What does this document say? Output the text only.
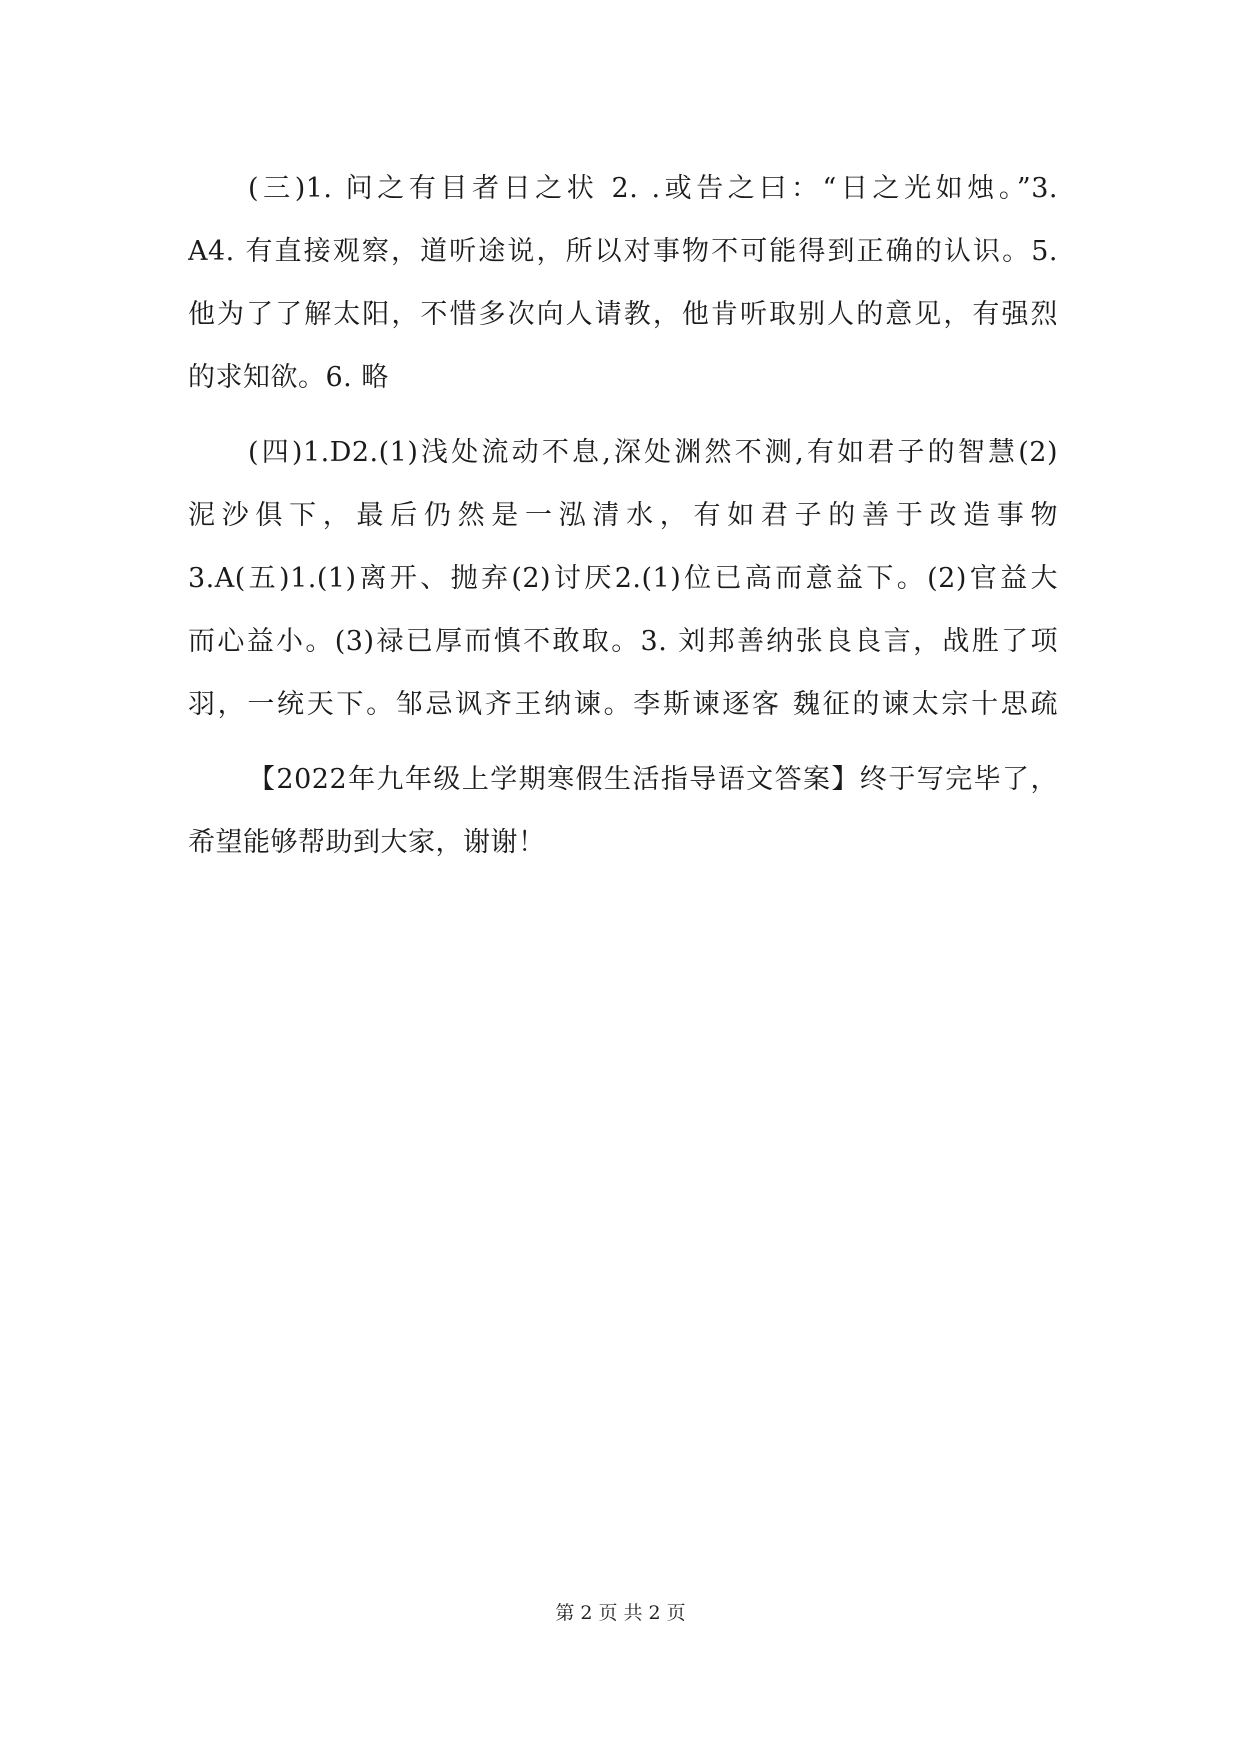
(三)1. 问之有目者日之状 2. .或告之曰：“日之光如烛。”3.
A4. 有直接观察，道听途说，所以对事物不可能得到正确的认识。5.
他为了了解太阳，不惜多次向人请教，他肯听取别人的意见，有强烈
的求知欲。6. 略
(四)1.D2.(1)浅处流动不息,深处渊然不测,有如君子的智慧(2)
泥沙俱下，最后仍然是一泓清水，有如君子的善于改造事物
3.A(五)1.(1)离开、抛弃(2)讨厌2.(1)位已高而意益下。(2)官益大
而心益小。(3)禄已厚而慎不敢取。3. 刘邦善纳张良良言，战胜了项
羽，一统天下。邹忌讽齐王纳谏。李斯谏逐客 魏征的谏太宗十思疏
【2022年九年级上学期寒假生活指导语文答案】终于写完毕了，
希望能够帮助到大家，谢谢！
第 2 页 共 2 页
